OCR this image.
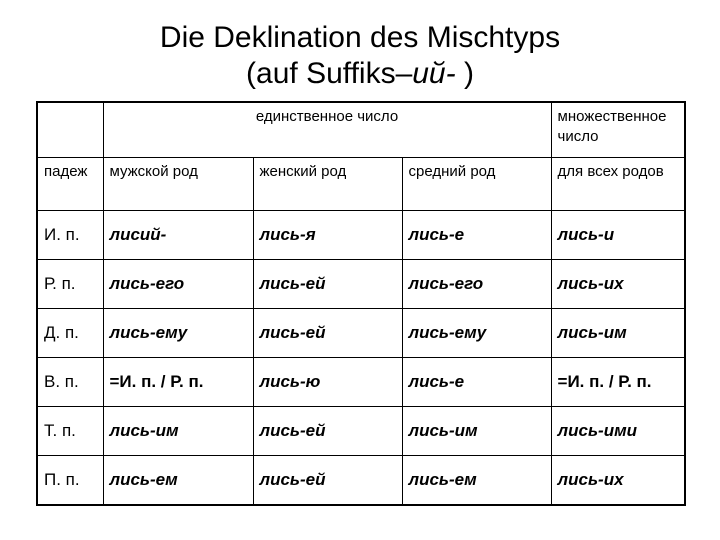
Die Deklination des Mischtyps
(auf Suffiks–ий- )
	единственное число			множественное число
падеж	мужской род	женский род	средний род	для всех родов
И. п.	лисий-	лись-я	лись-е	лись-и
Р. п.	лись-его	лись-ей	лись-его	лись-их
Д. п.	лись-ему	лись-ей	лись-ему	лись-им
В. п.	=И. п. / Р. п.	лись-ю	лись-е	=И. п. / Р. п.
Т. п.	лись-им	лись-ей	лись-им	лись-ими
П. п.	лись-ем	лись-ей	лись-ем	лись-их
